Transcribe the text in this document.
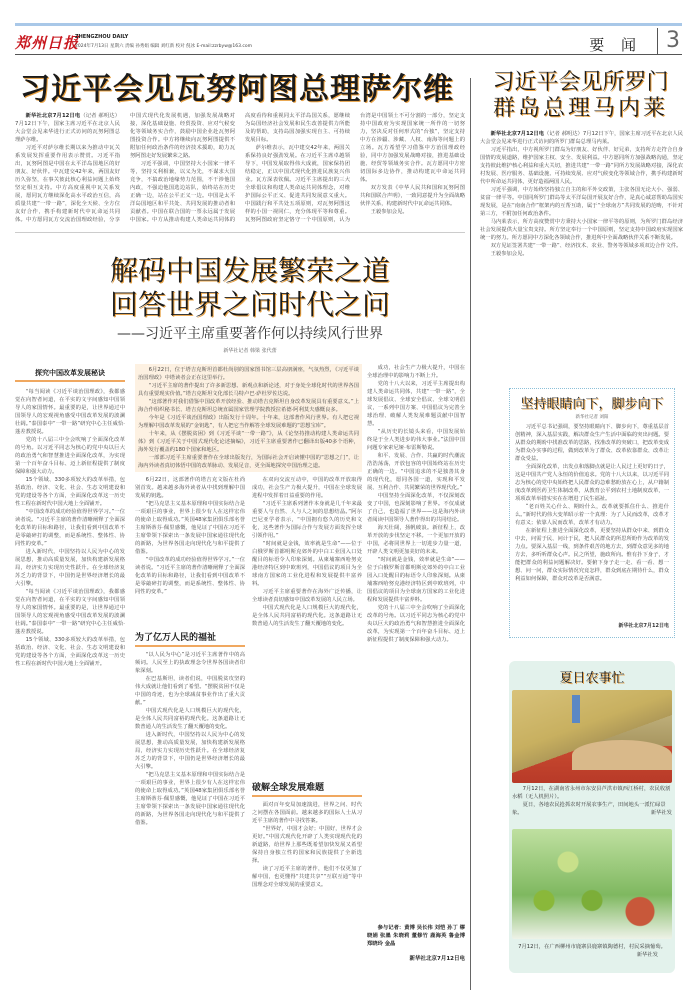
郑州日报
ZHENGZHOU DAILY
2024年7月13日 星期六 责编 孙秀娟 编辑 刘红新 校对 倪冰 E-mail:zzrbyw@163.com	要 闻	3
习近平会见瓦努阿图总理萨尔维

新华社北京7月12日电（记者 郝明达）7月12日下午，国家主席习近平在北京人民大会堂会见来华进行正式访问的瓦努阿图总理萨尔维。

习近平对萨尔维长期以来为推动中瓦关系发展发挥重要作用表示赞赏。习近平指出，瓦努阿图是中国在太平洋岛国地区的好朋友、好伙伴。中瓦建交42年来，两国友好历久弥坚，在事关彼此核心利益问题上始终坚定相互支持。中方高度重视中瓦关系发展，愿同瓦方继续深化高水平政治互信，高质量共建“一带一路”，深化全天候、全方位友好合作，携手构建新时代中瓦命运共同体。中方愿同瓦方交流治国理政经验，分享中国式现代化发展机遇，加强发展战略对接，深化基础设施、经贸投资、应对气候变化等领域务实合作，鼓励中国企业赴瓦努阿图投资合作。中方将继续向瓦努阿图提供不附加任何政治条件的经济技术援助，助力瓦努阿图走好发展繁荣之路。

习近平强调，中国坚持大小国家一律平等，坚持义利相兼，以义为先，不谋求大国竞争，不搞政治地缘势力范围，不干涉他国内政，不强迫他国选边站队，始终站在历史正确一边，站在公平正义一边。中国是太平洋岛国地区和平共处、共同发展的推动者和贡献者。中国在联合国的一票永远属于发展中国家。中方从推动构建人类命运共同体的高度看待和重视同太平洋岛国关系，愿继续为岛国经济社会发展和民生改善提供力所能及的帮助，支持岛国加强实现自主、可持续发展目标。

萨尔维表示，瓦中建交42年来，两国关系保持良好强劲发展。在习近平主席卓越领导下，中国发展取得伟大成就，国家保持团结稳定，正以中国式现代化推进民族复兴伟业。瓦方深表钦佩。习近平主席提出的三大全球倡议和构建人类命运共同体理念，对维护国际公平正义、促进共同发展意义重大。中国践行和平共处五项原则，对瓦努阿图这样的小国一视同仁，充分体现平等和尊重。瓦努阿图政府坚定恪守一个中国原则，认为台湾是中国领土不可分割的一部分，坚定支持中国政府为实现国家统一所作的一切努力，坚决反对任何形式的“台独”，坚定支持中方在涉疆、涉藏、人权、南海等问题上的立场。瓦方希望学习借鉴中方治国理政经验，同中方加强发展战略对接，推进基础设施、经贸等领域务实合作。瓦方愿同中方密切国际多边协作，推动构建瓦中命运共同体。

双方发表《中华人民共和国和瓦努阿图共和国联合声明》，一致同意提升为全面战略伙伴关系，构建新时代中瓦命运共同体。

王毅参加会见。

解码中国发展繁荣之道
回答世界之问时代之问
——习近平主席重要著作何以持续风行世界
新华社记者 韩梁 张代蕾
探究中国改革发展秘诀

“每当阅读《习近平谈治国理政》，我都感觉在向智者问道，在平实的文字间感知中国领导人的家国情怀。最重要的是，让世界通过中国领导人的宏观视角感受中国改革发展的波澜壮阔。”泰国泰中“一带一路”研究中心主任威恰·蓬差教授说。

党的十八届三中全会吹响了全面深化改革的号角。以习近平同志为核心的党中央以巨大的政治勇气和智慧推进全面深化改革，为实现第一个百年奋斗目标、迈上新征程提供了制度保障和强大动力。

15个领域、330多项较大的改革举措，包括政治、经济、文化、社会、生态文明建设和党的建设等各个方面，全面深化改革这一历史性工程在新时代中国大地上全面铺开。

“中国改革的成功经验值得世界学习。”一位读者说。“习近平主席的著作清晰阐释了全面深化改革的目标和路径，让我们看到中国改革不是零敲碎打的调整，而是系统性、整体性、协同性的变革。”

进入新时代，中国坚持以人民为中心的发展思想，推动高质量发展，加快构建新发展格局，经济实力实现历史性跃升。在全球经济复苏乏力的背景下，中国仍是世界经济增长的最大引擎。

“每当阅读《习近平谈治国理政》，我都感觉在向智者问道，在平实的文字间感知中国领导人的家国情怀。最重要的是，让世界通过中国领导人的宏观视角感受中国改革发展的波澜壮阔。”泰国泰中“一带一路”研究中心主任威恰·蓬差教授说。

15个领域、330多项较大的改革举措，包括政治、经济、文化、社会、生态文明建设和党的建设等各个方面，全面深化改革这一历史性工程在新时代中国大地上全面铺开。

6月22日，位于塔吉克斯坦首都杜尚别的国家图书馆三层高朋满座，气氛热烈，《习近平谈治国理政》中塔读者会正在这里举行。

“习近平主席的著作提出了许多新思想、新观点和新论述，对于身处全球化时代的世界各国具有重要现实价值。”塔吉克斯坦文化部长马特卢巴·萨杜罗佐达说。

“这部著作对我们借鉴中国改革开放经验、推动塔吉克斯坦自身改革发展具有重要意义。”上海合作组织秘书长、塔吉克斯坦总统直属国家管理学院教授拉希德·阿利莫夫感慨良多。

今年是《习近平谈治国理政》出版发行十周年。十年来，这部著作风行世界。有人把它视为理解中国改革发展的“金钥匙”，有人把它当作解答全球发展难题的“思想宝库”。

十年来，从《摆脱贫困》到《习近平谈“一带一路”》，从《论坚持推动构建人类命运共同体》到《习近平关于中国式现代化论述摘编》，习近平主席重要著作已翻译出版40多个语种，海外发行覆盖约180个国家和地区。

一部部习近平主席重要著作在全球出版发行，为国际社会开启读懂中国的“思想之门”，让海内外读者真切体悟中国的改革脉动、发展足音，更全面地探究中国治理之道。

6月22日，这部著作的塔吉克文版在杜尚别首发。越来越多海外读者从中找到理解中国发展的钥匙。

“把马克思主义基本原理和中国实际结合是一项艰巨的事业，世界上很少有人在这样宏伟的使命上取得成功。”英国48家集团俱乐部名誉主席斯蒂芬·佩里感慨，他见证了中国在习近平主席带领下探索出一条发展中国家通往现代化的新路，为世界各国走向现代化与和平提供了借鉴。

“中国改革的成功经验值得世界学习。”一位读者说。“习近平主席的著作清晰阐释了全面深化改革的目标和路径，让我们看到中国改革不是零敲碎打的调整，而是系统性、整体性、协同性的变革。”

为了亿万人民的福祉

“以人民为中心”是习近平主席著作中的高频词。人民至上的执政理念令世界各国读者印象深刻。

在巴基斯坦，读者们说，中国脱贫攻坚的伟大成就让他们看到了希望。“摆脱贫困不仅是中国的奇迹，也为全球减贫事业作出了重大贡献。”

中国式现代化是人口规模巨大的现代化，是全体人民共同富裕的现代化。这条道路让无数普通人的生活发生了翻天覆地的变化。

进入新时代，中国坚持以人民为中心的发展思想，推动高质量发展，加快构建新发展格局，经济实力实现历史性跃升。在全球经济复苏乏力的背景下，中国仍是世界经济增长的最大引擎。

“把马克思主义基本原理和中国实际结合是一项艰巨的事业，世界上很少有人在这样宏伟的使命上取得成功。”英国48家集团俱乐部名誉主席斯蒂芬·佩里感慨，他见证了中国在习近平主席带领下探索出一条发展中国家通往现代化的新路，为世界各国走向现代化与和平提供了借鉴。

在双向交流互动中，中国的改革开放取得成功，社会生产力极大提升，中国在全球发展进程中发挥着日益重要的作用。

“习近平主席系列著作本身就是几千年来最重要人与自然、人与人之间的思想结晶。”阿尔巴尼亚学者表示，“中国拥有悠久的历史和文化，这些著作为国际合作与发展方面发挥全球引领作用。”

“时间就是金钱，效率就是生命”——位于白俄罗斯首都明斯克郊外的中白工业园入口处醒目的标语令人印象深刻。从柬埔寨西哈努克港经济特区到中欧班列，中国倡议的项目为全球南方国家的工业化进程和发展提供丰富养料。

习近平主席重要著作在海外广泛传播，让全球读者真切感知中国改革发展的人民立场。

中国式现代化是人口规模巨大的现代化，是全体人民共同富裕的现代化。这条道路让无数普通人的生活发生了翻天覆地的变化。

破解全球发展难题

面对百年变局加速演进，世界之问、时代之问摆在各国面前。越来越多的国际人士从习近平主席的著作中寻找答案。

“世界好，中国才会好；中国好，世界才会更好。”中国式现代化开辟了人类实现现代化的新道路，给世界上那些既希望加快发展又希望保持自身独立性的国家和民族提供了全新选择。

读了习近平主席的著作，他们不仅更加了解中国，也更懂得“共建共享”“互联互通”等中国理念对全球发展的重要意义。

成功，社会生产力极大提升，中国在全球治理中的影响力不断上升。

党的十八大以来，习近平主席提出构建人类命运共同体，共建“一带一路”，全球发展倡议、全球安全倡议、全球文明倡议，一系列中国方案、中国倡议为完善全球治理、破解人类发展难题贡献中国智慧。

“从历史的长镜头来看，中国发展始终是于全人类进步的伟大事业。”法国中国问题专家索尼娅·布雷斯勒说。

和平、发展、合作、共赢的时代潮流浩浩荡荡，开放包容的中国始终站在历史正确的一边。“中国追求的不是独善其身的现代化，愿同各国一道，实现和平发展、互利合作、共同繁荣的世界现代化。”

中国坚持全面深化改革，不仅深刻改变了中国，也深刻影响了世界。不仅成就了自己，也造福了世界——这是海内外读者阅读中国领导人著作得出的共同结论。

海天壮阔，扬帆破浪。新征程上，改革开放的步伐坚定不移。一个更加开放的中国，必将同世界上一切进步力量一道，开辟人类文明更加美好的未来。

“时间就是金钱，效率就是生命”——位于白俄罗斯首都明斯克郊外的中白工业园入口处醒目的标语令人印象深刻。从柬埔寨西哈努克港经济特区到中欧班列，中国倡议的项目为全球南方国家的工业化进程和发展提供丰富养料。

党的十八届三中全会吹响了全面深化改革的号角。以习近平同志为核心的党中央以巨大的政治勇气和智慧推进全面深化改革，为实现第一个百年奋斗目标、迈上新征程提供了制度保障和强大动力。

参与记者：黄博 吴长伟 刘恺 孙丁 缪晓娟 张墨 朱晓莉 董修竹 鹿海英 鲁金博 郑晓玲 金晶
新华社北京7月12日电
习近平会见所罗门
群岛总理马内莱

新华社北京7月12日电（记者 郝明达）7月12日下午，国家主席习近平在北京人民大会堂会见来华进行正式访问的所罗门群岛总理马内莱。

习近平指出，中方视所罗门群岛为好朋友、好伙伴、好兄弟，支持所方走符合自身国情的发展道路，维护国家主权、安全、发展利益。中方愿同所方加强战略沟通，坚定支持彼此维护核心利益和重大关切，推进共建“一带一路”同所方发展战略对接，深化农村发展、医疗服务、基础设施、可持续发展、应对气候变化等领域合作，携手构建新时代中所命运共同体，更好造福两国人民。

习近平强调，中方始终坚持独立自主的和平外交政策，主张各国无论大小、强弱、贫富一律平等。中国同所罗门群岛等太平洋岛国开展友好合作，是真心诚意帮助岛国实现发展，是在“南南合作”框架内的互帮互助，属于“全球南方”共同发展的范畴，不针对第三方，不附加任何政治条件。

马内莱表示，所方高度赞赏中方秉持大小国家一律平等的原则，为所罗门群岛经济社会发展提供大量宝贵支持。所方坚定奉行一个中国原则，坚定支持中国政府实现国家统一的努力。所方愿同中方深化各领域合作，推进所中全面战略伙伴关系不断发展。

双方见证签署共建“一带一路”、经济技术、农业、警务等领域多项双边合作文件。

王毅参加会见。

坚持眼睛向下，脚步向下
新华社记者 刘阳

习近平总书记强调，要坚持眼睛向下、脚步向下，尊重基层首创精神，深入基层实践，解决群众生产生活中面临的突出问题。要从群众的期盼中找准改革的思路，找准改革的突破口，把改革变成为群众办实事的过程，做到改革为了群众、改革依靠群众、改革让群众受益。

全面深化改革，出发点和落脚点就是让人民过上更好的日子，这是中国共产党人永恒的价值追求。党的十八大以来，以习近平同志为核心的党中央始终把人民群众的急难愁盼放在心上，从户籍制度改革到医药卫生体制改革，从教育公平到农村土地制度改革，一项项改革举措实实在在增进了民生福祉。

“老百姓关心什么、期盼什么，改革就要抓住什么、推进什么。”新时代的伟大变革昭示着一个真理：为了人民而改革，改革才有意义；依靠人民而改革，改革才有动力。

在新征程上推进全面深化改革，更要坚持从群众中来、到群众中去，问需于民、问计于民，把人民群众的所思所盼作为改革的发力点。要深入基层一线，到条件艰苦的地方去，到群众意见多的地方去，多听听群众心声。民之所望，施政所向。惟有扑下身子，才能把群众的利益问题解决好。要俯下身子走一走、看一看、想一想、问一问，群众实际情况究竟怎样，群众到底在期待什么，群众利益如何保障，群众对改革是否满意。

新华社北京7月12日电
夏日农事忙

7月12日，在湖南省永州市东安县芦洪市镇西江桥村，农民收割水稻（无人机照片）。

夏日，各地农民抢抓农时开展农事生产，田间地头一派忙碌景象。	新华社发

7月12日，在广西柳州市鹿寨县鹿寨镇陶德村，村民采摘葡萄。
新华社发
